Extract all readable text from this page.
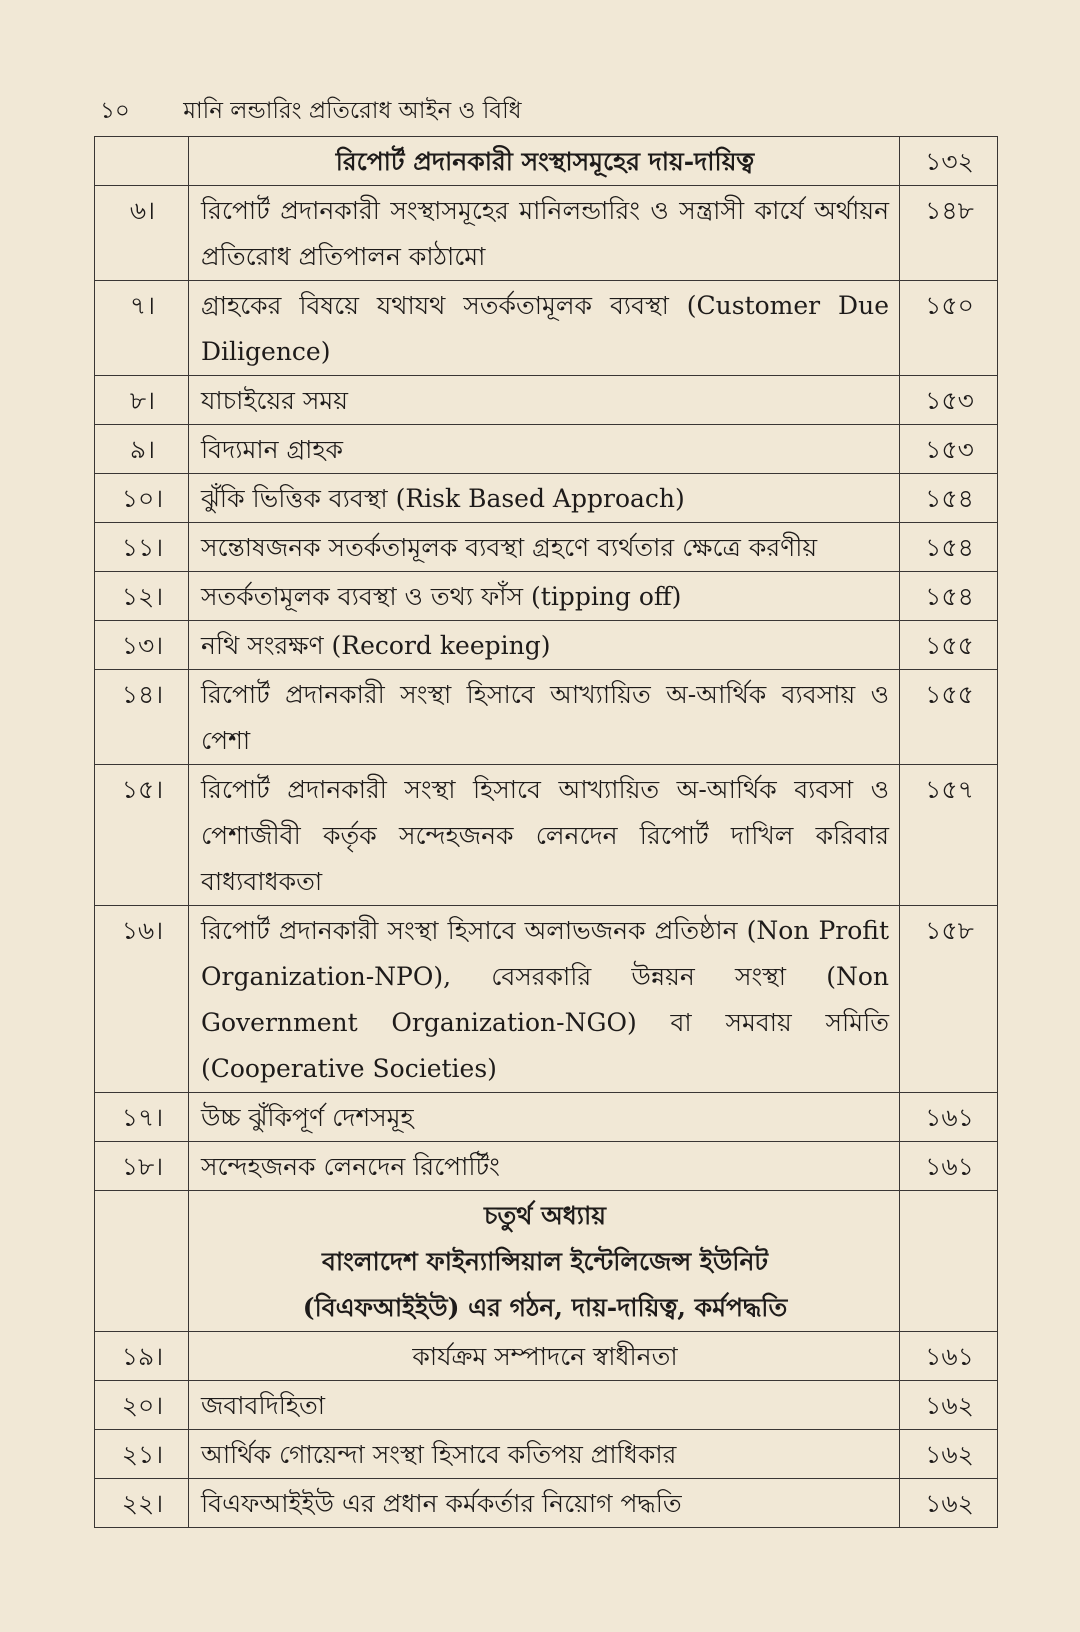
১০ মানি লন্ডারিং প্রতিরোধ আইন ও বিধি
	রিপোর্ট প্রদানকারী সংস্থাসমূহের দায়-দায়িত্ব	১৩২
৬।	রিপোর্ট প্রদানকারী সংস্থাসমূহের মানিলন্ডারিং ও সন্ত্রাসী কার্যে অর্থায়ন প্রতিরোধ প্রতিপালন কাঠামো	১৪৮
৭।	গ্রাহকের বিষয়ে যথাযথ সতর্কতামূলক ব্যবস্থা (Customer Due Diligence)	১৫০
৮।	যাচাইয়ের সময়	১৫৩
৯।	বিদ্যমান গ্রাহক	১৫৩
১০।	ঝুঁকি ভিত্তিক ব্যবস্থা (Risk Based Approach)	১৫৪
১১।	সন্তোষজনক সতর্কতামূলক ব্যবস্থা গ্রহণে ব্যর্থতার ক্ষেত্রে করণীয়	১৫৪
১২।	সতর্কতামূলক ব্যবস্থা ও তথ্য ফাঁস (tipping off)	১৫৪
১৩।	নথি সংরক্ষণ (Record keeping)	১৫৫
১৪।	রিপোর্ট প্রদানকারী সংস্থা হিসাবে আখ্যায়িত অ-আর্থিক ব্যবসায় ও পেশা	১৫৫
১৫।	রিপোর্ট প্রদানকারী সংস্থা হিসাবে আখ্যায়িত অ-আর্থিক ব্যবসা ও পেশাজীবী কর্তৃক সন্দেহজনক লেনদেন রিপোর্ট দাখিল করিবার বাধ্যবাধকতা	১৫৭
১৬।	রিপোর্ট প্রদানকারী সংস্থা হিসাবে অলাভজনক প্রতিষ্ঠান (Non Profit Organization-NPO), বেসরকারি উন্নয়ন সংস্থা (Non Government Organization-NGO) বা সমবায় সমিতি (Cooperative Societies)	১৫৮
১৭।	উচ্চ ঝুঁকিপূর্ণ দেশসমূহ	১৬১
১৮।	সন্দেহজনক লেনদেন রিপোর্টিং	১৬১

	চতুর্থ অধ্যায়
বাংলাদেশ ফাইন্যান্সিয়াল ইন্টেলিজেন্স ইউনিট
(বিএফআইইউ) এর গঠন, দায়-দায়িত্ব, কর্মপদ্ধতি	

১৯।	কার্যক্রম সম্পাদনে স্বাধীনতা	১৬১
২০।	জবাবদিহিতা	১৬২
২১।	আর্থিক গোয়েন্দা সংস্থা হিসাবে কতিপয় প্রাধিকার	১৬২
২২।	বিএফআইইউ এর প্রধান কর্মকর্তার নিয়োগ পদ্ধতি	১৬২
